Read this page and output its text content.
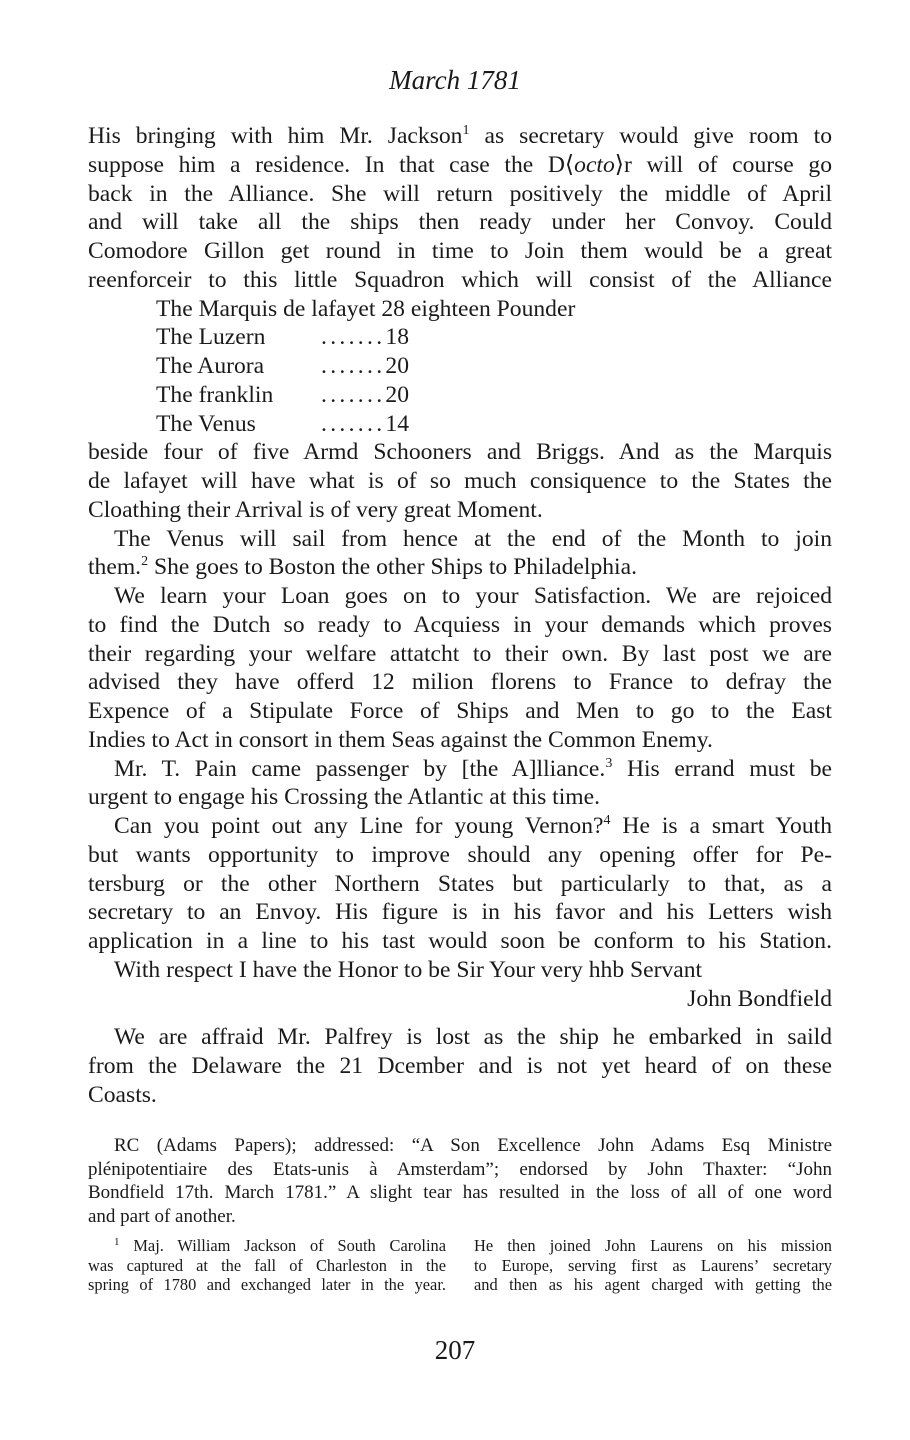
March 1781
His bringing with him Mr. Jackson$^1$ as secretary would give room to
suppose him a residence. In that case the D⟨octo⟩r will of course go
back in the Alliance. She will return positively the middle of April
and will take all the ships then ready under her Convoy. Could
Comodore Gillon get round in time to Join them would be a great
reenforceir to this little Squadron which will consist of the Alliance
The Marquis de lafayet 28 eighteen Pounder
The Luzern .......18
The Aurora .......20
The franklin .......20
The Venus	.......14
beside four of five Armd Schooners and Briggs. And as the Marquis
de lafayet will have what is of so much consiquence to the States the
Cloathing their Arrival is of very great Moment.
The Venus will sail from hence at the end of the Month to join
them.$^2$ She goes to Boston the other Ships to Philadelphia.
We learn your Loan goes on to your Satisfaction. We are rejoiced
to find the Dutch so ready to Acquiess in your demands which proves
their regarding your welfare attatcht to their own. By last post we are
advised they have offerd 12 milion florens to France to defray the
Expence of a Stipulate Force of Ships and Men to go to the East
Indies to Act in consort in them Seas against the Common Enemy.
Mr. T. Pain came passenger by [the A]lliance.$^3$ His errand must be
urgent to engage his Crossing the Atlantic at this time.
Can you point out any Line for young Vernon?$^4$ He is a smart Youth
but wants opportunity to improve should any opening offer for Pe-
tersburg or the other Northern States but particularly to that, as a
secretary to an Envoy. His figure is in his favor and his Letters wish
application in a line to his tast would soon be conform to his Station.
With respect I have the Honor to be Sir Your very hhb Servant
John Bondfield
We are affraid Mr. Palfrey is lost as the ship he embarked in saild
from the Delaware the 21 Dcember and is not yet heard of on these
Coasts.
RC (Adams Papers); addressed: “A Son Excellence John Adams Esq Ministre
plénipotentiaire des Etats-unis à Amsterdam”; endorsed by John Thaxter: “John
Bondfield 17th. March 1781.” A slight tear has resulted in the loss of all of one word
and part of another.
$^1$ Maj. William Jackson of South Carolina
was captured at the fall of Charleston in the
spring of 1780 and exchanged later in the year.
He then joined John Laurens on his mission
to Europe, serving first as Laurens’ secretary
and then as his agent charged with getting the
207
